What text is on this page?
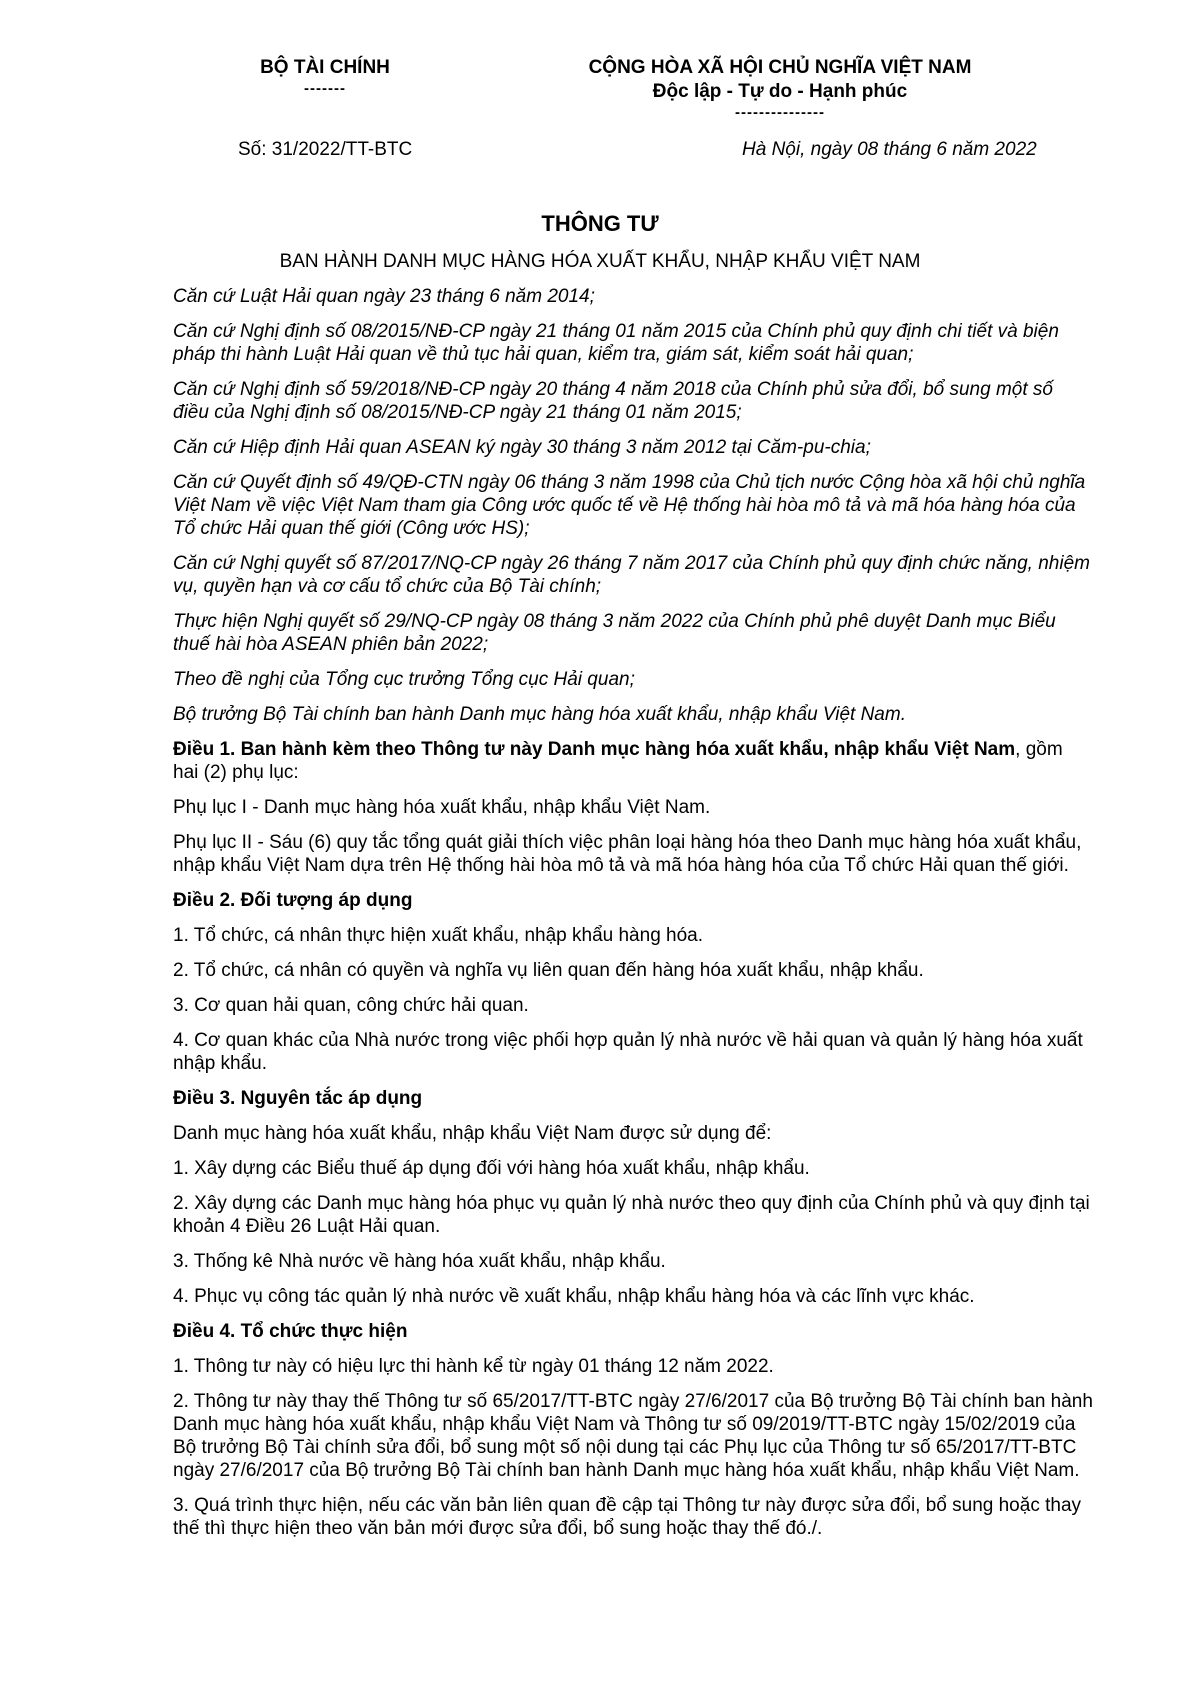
BỘ TÀI CHÍNH
-------
CỘNG HÒA XÃ HỘI CHỦ NGHĨA VIỆT NAM
Độc lập - Tự do - Hạnh phúc
---------------
Số: 31/2022/TT-BTC	Hà Nội, ngày 08 tháng 6 năm 2022
THÔNG TƯ
BAN HÀNH DANH MỤC HÀNG HÓA XUẤT KHẨU, NHẬP KHẨU VIỆT NAM

Căn cứ Luật Hải quan ngày 23 tháng 6 năm 2014;

Căn cứ Nghị định số 08/2015/NĐ-CP ngày 21 tháng 01 năm 2015 của Chính phủ quy định chi tiết và biện pháp thi hành Luật Hải quan về thủ tục hải quan, kiểm tra, giám sát, kiểm soát hải quan;

Căn cứ Nghị định số 59/2018/NĐ-CP ngày 20 tháng 4 năm 2018 của Chính phủ sửa đổi, bổ sung một số điều của Nghị định số 08/2015/NĐ-CP ngày 21 tháng 01 năm 2015;

Căn cứ Hiệp định Hải quan ASEAN ký ngày 30 tháng 3 năm 2012 tại Căm-pu-chia;

Căn cứ Quyết định số 49/QĐ-CTN ngày 06 tháng 3 năm 1998 của Chủ tịch nước Cộng hòa xã hội chủ nghĩa Việt Nam về việc Việt Nam tham gia Công ước quốc tế về Hệ thống hài hòa mô tả và mã hóa hàng hóa của Tổ chức Hải quan thế giới (Công ước HS);

Căn cứ Nghị quyết số 87/2017/NQ-CP ngày 26 tháng 7 năm 2017 của Chính phủ quy định chức năng, nhiệm vụ, quyền hạn và cơ cấu tổ chức của Bộ Tài chính;

Thực hiện Nghị quyết số 29/NQ-CP ngày 08 tháng 3 năm 2022 của Chính phủ phê duyệt Danh mục Biểu thuế hài hòa ASEAN phiên bản 2022;

Theo đề nghị của Tổng cục trưởng Tổng cục Hải quan;

Bộ trưởng Bộ Tài chính ban hành Danh mục hàng hóa xuất khẩu, nhập khẩu Việt Nam.

Điều 1. Ban hành kèm theo Thông tư này Danh mục hàng hóa xuất khẩu, nhập khẩu Việt Nam, gồm hai (2) phụ lục:

Phụ lục I - Danh mục hàng hóa xuất khẩu, nhập khẩu Việt Nam.

Phụ lục II - Sáu (6) quy tắc tổng quát giải thích việc phân loại hàng hóa theo Danh mục hàng hóa xuất khẩu, nhập khẩu Việt Nam dựa trên Hệ thống hài hòa mô tả và mã hóa hàng hóa của Tổ chức Hải quan thế giới.

Điều 2. Đối tượng áp dụng

1. Tổ chức, cá nhân thực hiện xuất khẩu, nhập khẩu hàng hóa.

2. Tổ chức, cá nhân có quyền và nghĩa vụ liên quan đến hàng hóa xuất khẩu, nhập khẩu.

3. Cơ quan hải quan, công chức hải quan.

4. Cơ quan khác của Nhà nước trong việc phối hợp quản lý nhà nước về hải quan và quản lý hàng hóa xuất nhập khẩu.

Điều 3. Nguyên tắc áp dụng

Danh mục hàng hóa xuất khẩu, nhập khẩu Việt Nam được sử dụng để:

1. Xây dựng các Biểu thuế áp dụng đối với hàng hóa xuất khẩu, nhập khẩu.

2. Xây dựng các Danh mục hàng hóa phục vụ quản lý nhà nước theo quy định của Chính phủ và quy định tại khoản 4 Điều 26 Luật Hải quan.

3. Thống kê Nhà nước về hàng hóa xuất khẩu, nhập khẩu.

4. Phục vụ công tác quản lý nhà nước về xuất khẩu, nhập khẩu hàng hóa và các lĩnh vực khác.

Điều 4. Tổ chức thực hiện

1. Thông tư này có hiệu lực thi hành kể từ ngày 01 tháng 12 năm 2022.

2. Thông tư này thay thế Thông tư số 65/2017/TT-BTC ngày 27/6/2017 của Bộ trưởng Bộ Tài chính ban hành Danh mục hàng hóa xuất khẩu, nhập khẩu Việt Nam và Thông tư số 09/2019/TT-BTC ngày 15/02/2019 của Bộ trưởng Bộ Tài chính sửa đổi, bổ sung một số nội dung tại các Phụ lục của Thông tư số 65/2017/TT-BTC ngày 27/6/2017 của Bộ trưởng Bộ Tài chính ban hành Danh mục hàng hóa xuất khẩu, nhập khẩu Việt Nam.

3. Quá trình thực hiện, nếu các văn bản liên quan đề cập tại Thông tư này được sửa đổi, bổ sung hoặc thay thế thì thực hiện theo văn bản mới được sửa đổi, bổ sung hoặc thay thế đó./.
